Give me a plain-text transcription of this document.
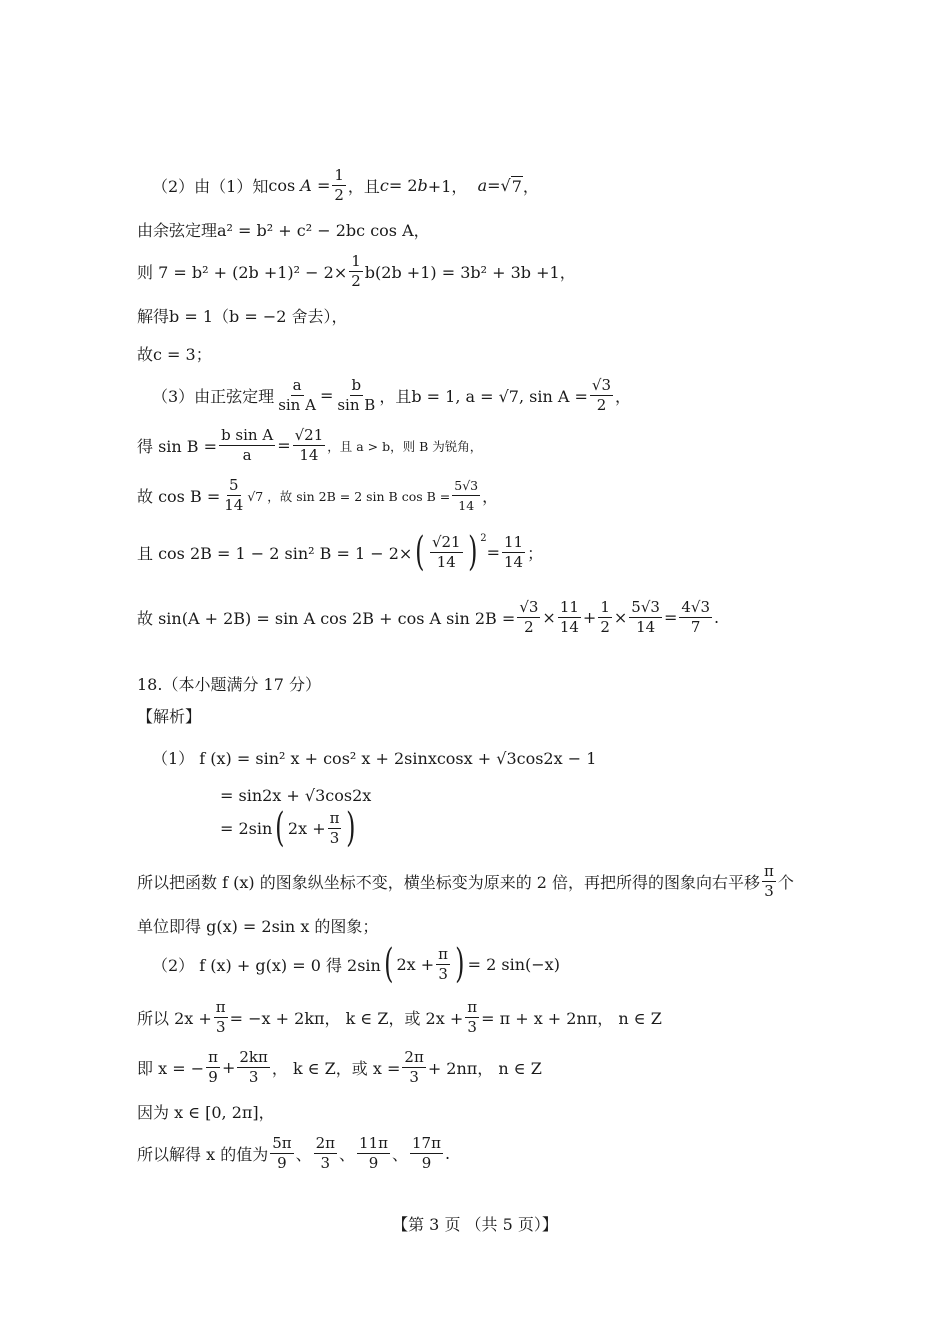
（2）由（1）知 cos
A
= $\frac{1}{2}$ ，且 c = 2 b +1，
a = √ 7 ，
由余弦定理a² = b² + c² − 2bc cos A，
则 $7 = b^2 + (2b +1)^2 - 2\times \frac{1}{2} b(2b +1) = 3b^2 + 3b +1$，
解得b = 1（b = −2 舍去），
故c = 3；
（3）由正弦定理 $\frac{a}{\text{sin A}} = \frac{b}{\text{sin B}}$ ，且b = 1, a = √7, $\sin A = \frac{√3}{2}$ ，
得 $\sin B = \frac{\text{b sin A}}{a} = \frac{√21}{14}$ ，且 a > b，则 B 为锐角，
故 $\cos B = \frac{5}{14} √7$ ，故 sin 2B = 2 sin B $\cos B = \frac{5√3}{14}$ ，
且 cos 2B = 1 − 2 sin² B = 1 − 2× ( $\frac{√21}{14}$ ) $^2$
= $\frac{11}{14}$ ；
故 sin(A + 2B) = sin A cos 2B + cos A $\sin 2B = \frac{√3}{2} \times \frac{11}{14} + \frac{1}{2} \times \frac{5√3}{14} = \frac{4√3}{7}$ .
18.（本小题满分 17 分）
【解析】
（1） f (x) = sin² x + cos² x + 2sinxcosx + √3cos2x − 1
= sin2x + √3cos2x
= 2sin ( $2x + \frac{\pi}{3}$ )
所以把函数 f (x) 的图象纵坐标不变，横坐标变为原来的 2 倍，再把所得的图象向右平移 $\frac{\pi}{3}$ 个
单位即得 g(x) = 2sin x 的图象；
（2） f (x) + g(x) = 0 得 2sin ( $2x + \frac{\pi}{3}$ ) = 2 sin(−x)
所以 $2x + \frac{\pi}{3} = -x + 2k\pi$， k ∈ Z，或 $2x + \frac{\pi}{3} = \pi + x + 2n\pi$， n ∈ Z
即 x = − $\frac{\pi}{9} + \frac{2k\pi}{3}$ ， k ∈ Z，或 $x = \frac{2\pi}{3} + 2n\pi$， n ∈ Z
因为 x ∈ [0, 2π]，
所以解得 x 的值为 $\frac{5\pi}{9}$ 、 $\frac{2\pi}{3}$ 、 $\frac{11\pi}{9}$ 、 $\frac{17\pi}{9}$ .
【第 3 页 （共 5 页）】
